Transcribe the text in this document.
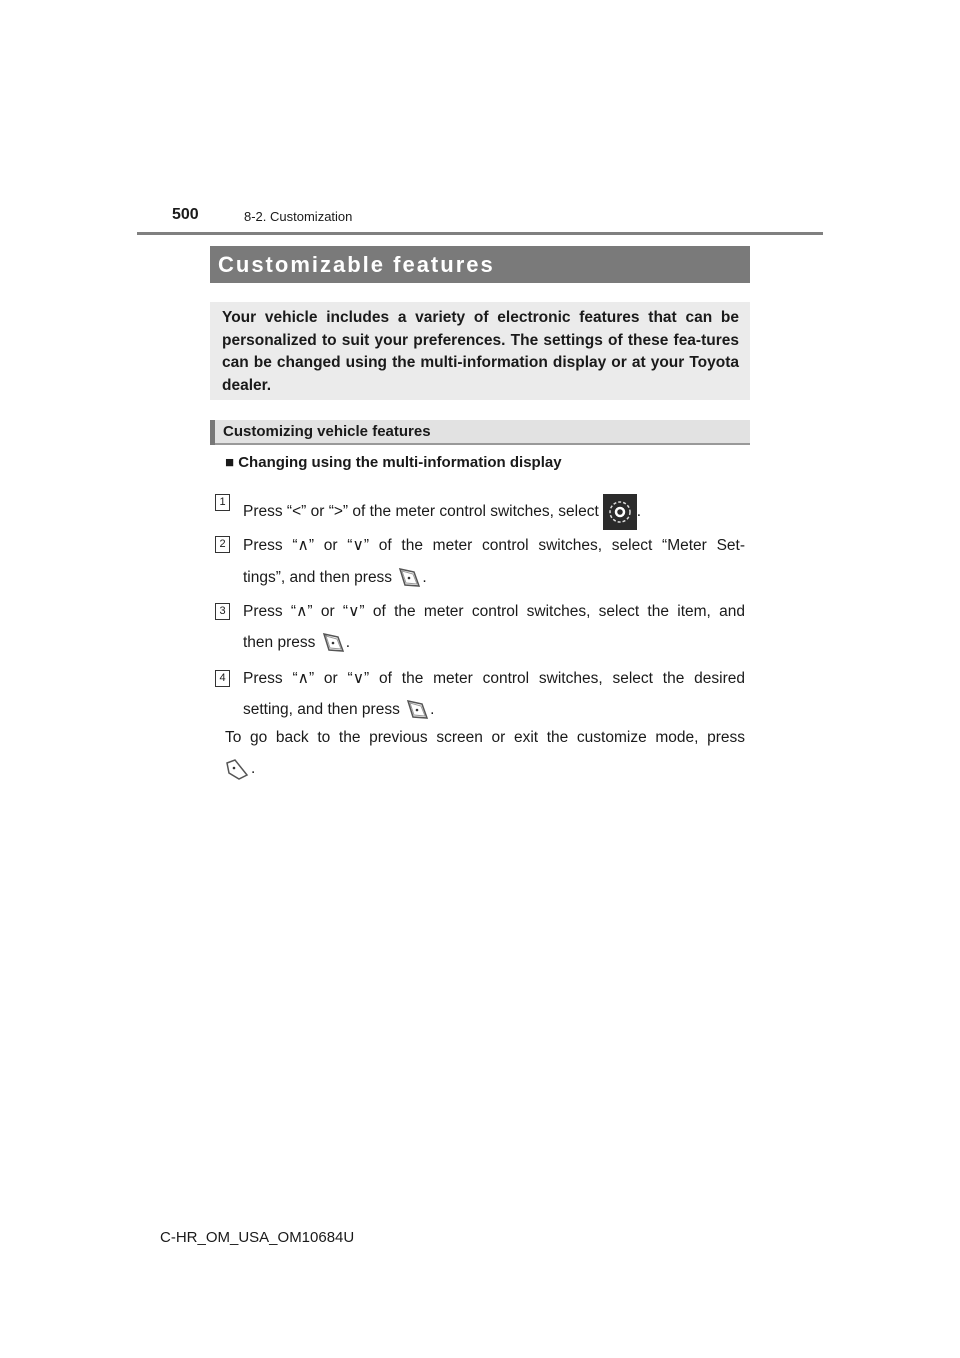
500	8-2. Customization
Customizable features

Your vehicle includes a variety of electronic features that can be personalized to suit your preferences. The settings of these fea-tures can be changed using the multi-information display or at your Toyota dealer.

Customizing vehicle features
■ Changing using the multi-information display
1
Press “<” or “>” of the meter control switches, select .
2 Press “∧” or “∨” of the meter control switches, select “Meter Set-
tings”, and then press .
3 Press “∧” or “∨” of the meter control switches, select the item, and
then press .
4 Press “∧” or “∨” of the meter control switches, select the desired
setting, and then press .
To go back to the previous screen or exit the customize mode, press
.
C-HR_OM_USA_OM10684U
